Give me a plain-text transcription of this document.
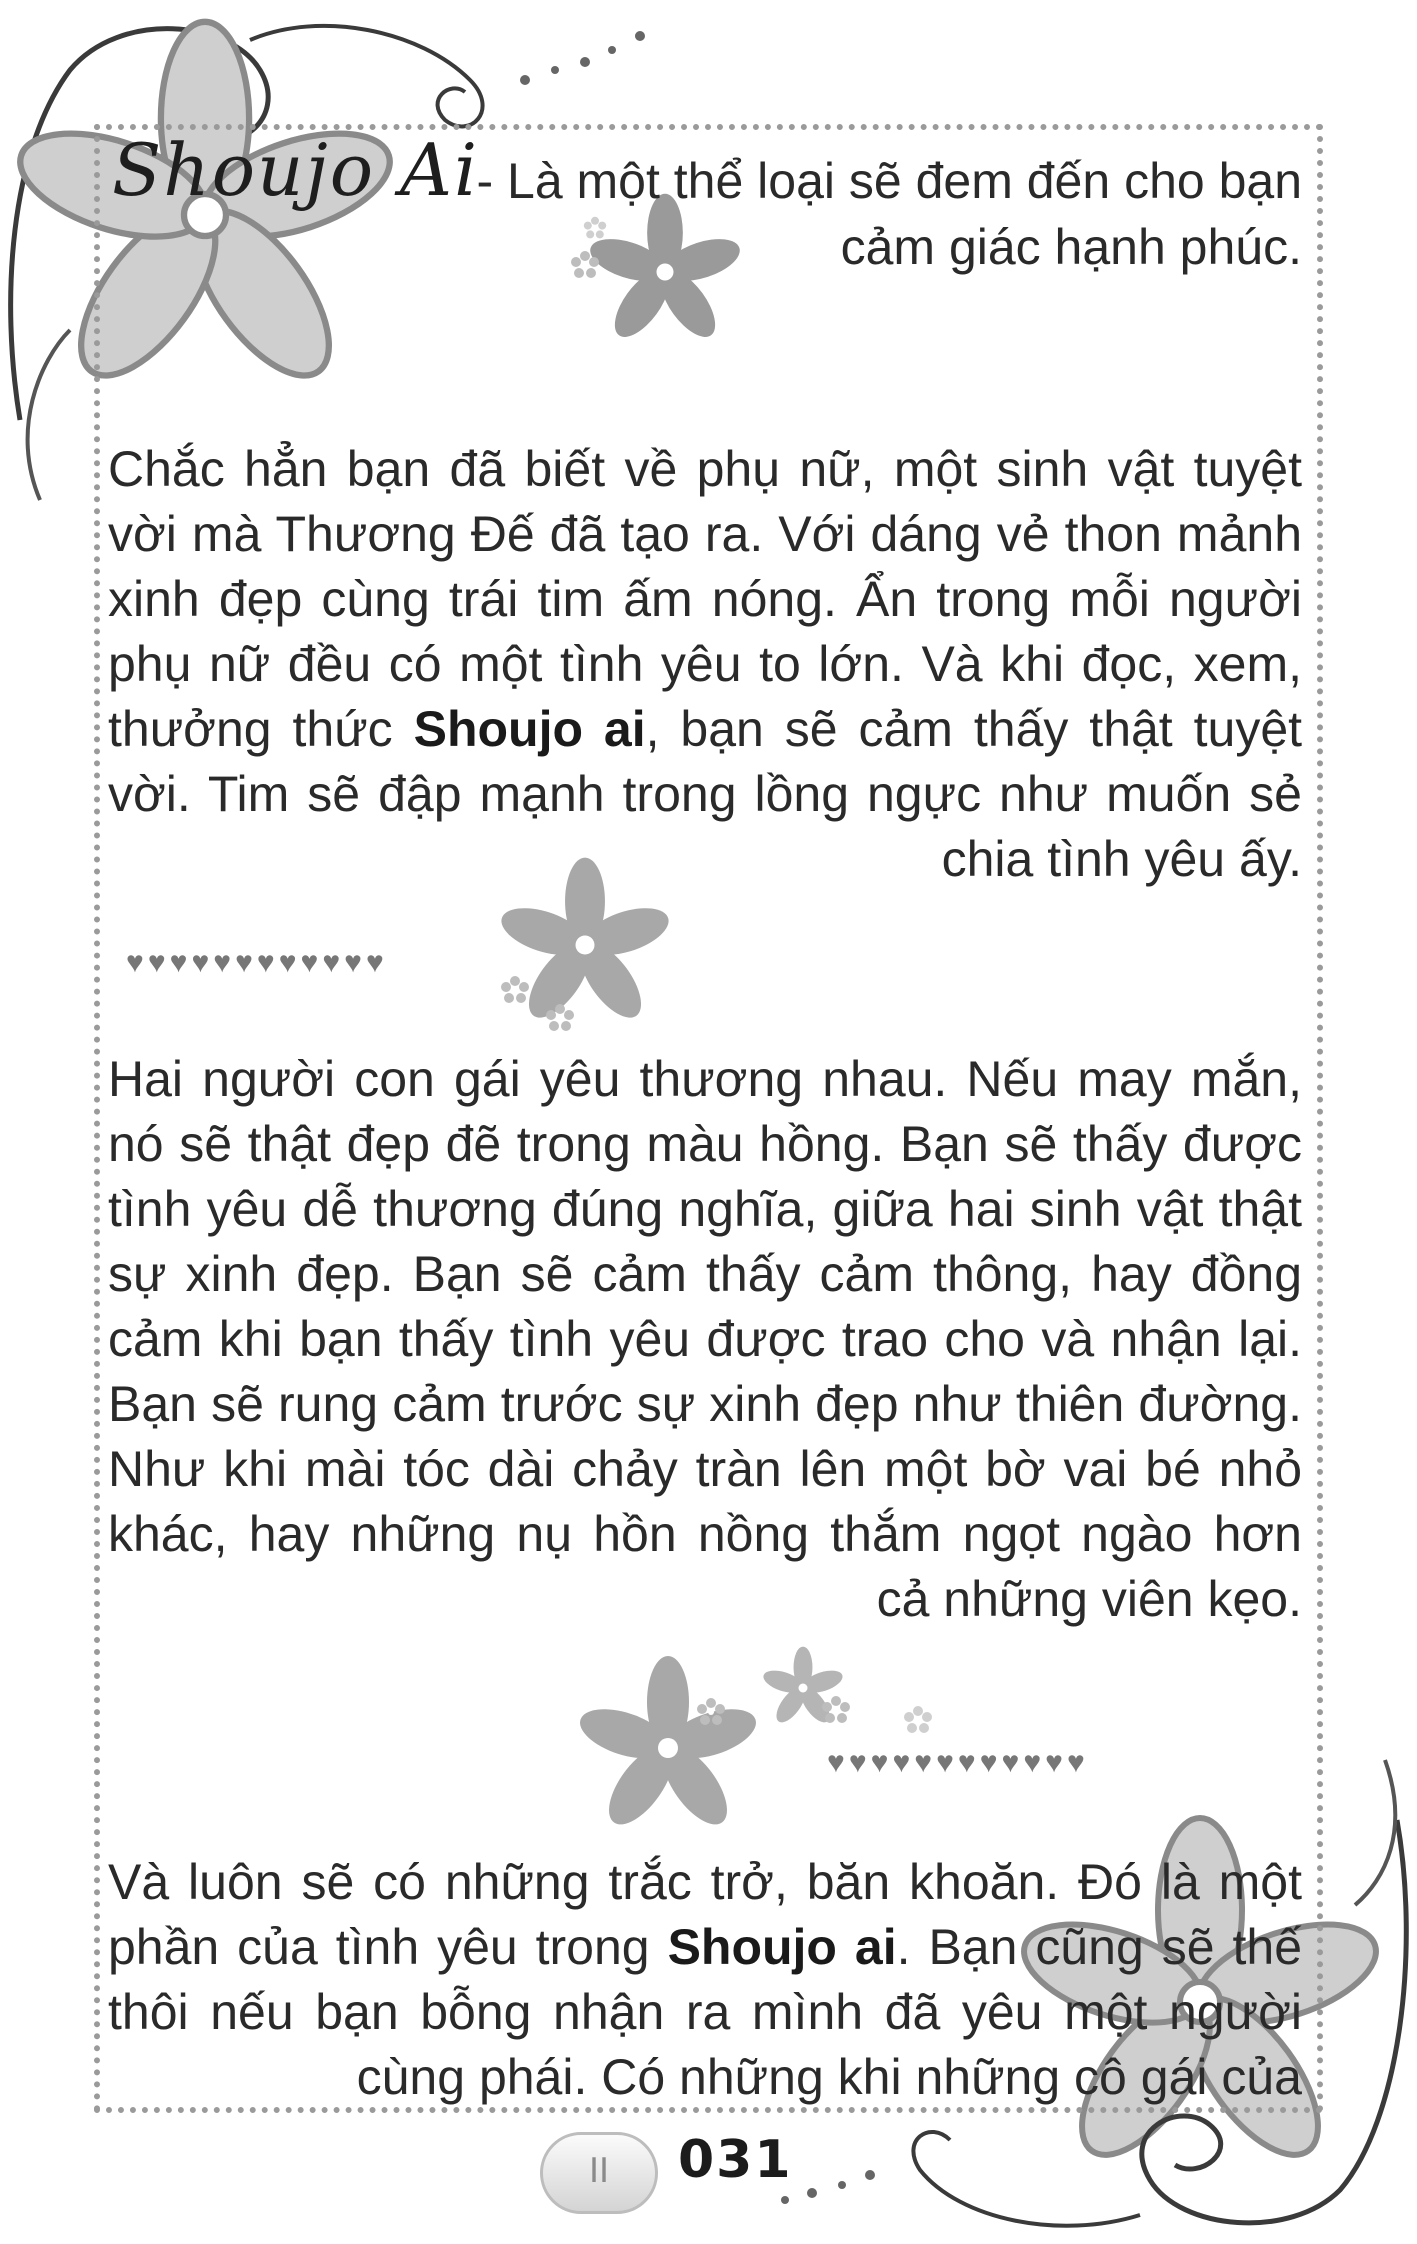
Shoujo Ai
- Là một thể loại sẽ đem đến cho bạn cảm giác hạnh phúc.
Chắc hẳn bạn đã biết về phụ nữ, một sinh vật tuyệt vời mà Thương Đế đã tạo ra. Với dáng vẻ thon mảnh xinh đẹp cùng trái tim ấm nóng. Ẩn trong mỗi người phụ nữ đều có một tình yêu to lớn. Và khi đọc, xem, thưởng thức Shoujo ai, bạn sẽ cảm thấy thật tuyệt vời. Tim sẽ đập mạnh trong lồng ngực như muốn sẻ chia tình yêu ấy.
♥♥♥♥♥♥♥♥♥♥♥♥
Hai người con gái yêu thương nhau. Nếu may mắn, nó sẽ thật đẹp đẽ trong màu hồng. Bạn sẽ thấy được tình yêu dễ thương đúng nghĩa, giữa hai sinh vật thật sự xinh đẹp. Bạn sẽ cảm thấy cảm thông, hay đồng cảm khi bạn thấy tình yêu được trao cho và nhận lại. Bạn sẽ rung cảm trước sự xinh đẹp như thiên đường. Như khi mài tóc dài chảy tràn lên một bờ vai bé nhỏ khác, hay những nụ hồn nồng thắm ngọt ngào hơn cả những viên kẹo.
♥♥♥♥♥♥♥♥♥♥♥♥
Và luôn sẽ có những trắc trở, băn khoăn. Đó là một phần của tình yêu trong Shoujo ai. Bạn cũng sẽ thế thôi nếu bạn bỗng nhận ra mình đã yêu một người cùng phái. Có những khi những cô gái của
II	031
